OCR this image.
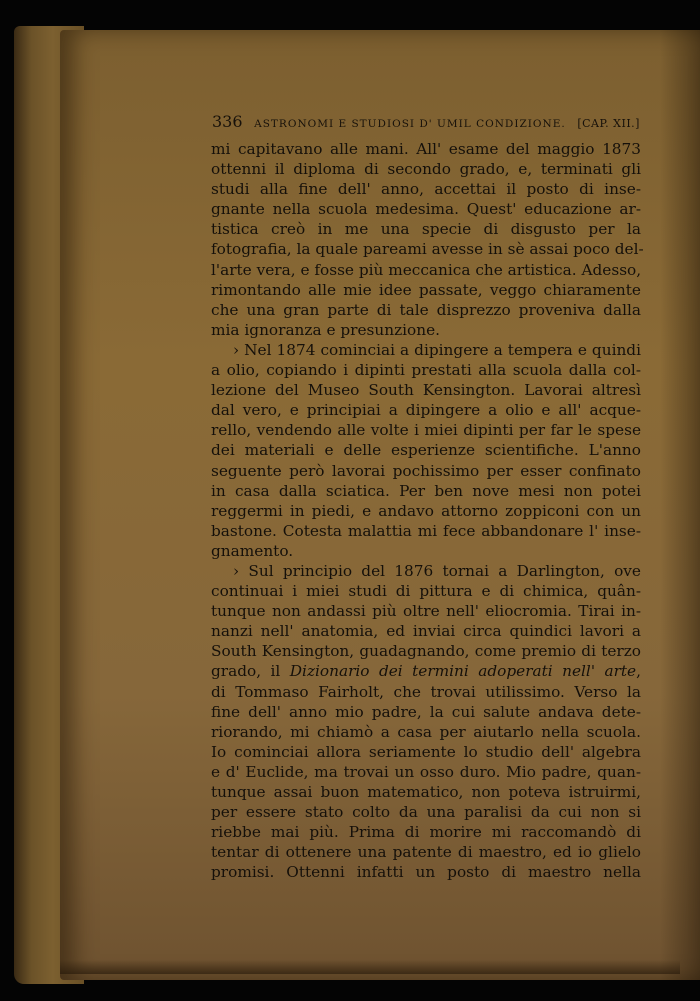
336 ASTRONOMI E STUDIOSI D' UMIL CONDIZIONE. [CAP. XII.]
mi capitavano alle mani. All' esame del maggio 1873
ottenni il diploma di secondo grado, e, terminati gli
studi alla fine dell' anno, accettai il posto di inse-
gnante nella scuola medesima. Quest' educazione ar-
tistica creò in me una specie di disgusto per la
fotografia, la quale pareami avesse in sè assai poco del-
l'arte vera, e fosse più meccanica che artistica. Adesso,
rimontando alle mie idee passate, veggo chiaramente
che una gran parte di tale disprezzo proveniva dalla
mia ignoranza e presunzione.
› Nel 1874 cominciai a dipingere a tempera e quindi
a olio, copiando i dipinti prestati alla scuola dalla col-
lezione del Museo South Kensington. Lavorai altresì
dal vero, e principiai a dipingere a olio e all' acque-
rello, vendendo alle volte i miei dipinti per far le spese
dei materiali e delle esperienze scientifiche. L'anno
seguente però lavorai pochissimo per esser confinato
in casa dalla sciatica. Per ben nove mesi non potei
reggermi in piedi, e andavo attorno zoppiconi con un
bastone. Cotesta malattia mi fece abbandonare l' inse-
gnamento.
› Sul principio del 1876 tornai a Darlington, ove
continuai i miei studi di pittura e di chimica, quân-
tunque non andassi più oltre nell' eliocromia. Tirai in-
nanzi nell' anatomia, ed inviai circa quindici lavori a
South Kensington, guadagnando, come premio di terzo
grado, il Dizionario dei termini adoperati nell' arte,
di Tommaso Fairholt, che trovai utilissimo. Verso la
fine dell' anno mio padre, la cui salute andava dete-
riorando, mi chiamò a casa per aiutarlo nella scuola.
Io cominciai allora seriamente lo studio dell' algebra
e d' Euclide, ma trovai un osso duro. Mio padre, quan-
tunque assai buon matematico, non poteva istruirmi,
per essere stato colto da una paralisi da cui non si
riebbe mai più. Prima di morire mi raccomandò di
tentar di ottenere una patente di maestro, ed io glielo
promisi. Ottenni infatti un posto di maestro nella
